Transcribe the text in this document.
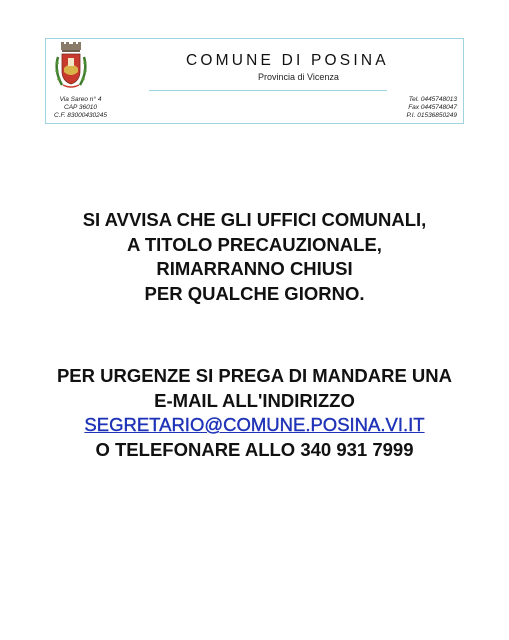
COMUNE DI POSINA
Provincia di Vicenza
Via Sareo n° 4
CAP 36010
C.F. 83000430245
Tel. 0445748013
Fax 0445748047
P.I. 01536850249
SI AVVISA CHE GLI UFFICI COMUNALI,
A TITOLO PRECAUZIONALE,
RIMARRANNO CHIUSI
PER QUALCHE GIORNO.
PER URGENZE SI PREGA DI MANDARE UNA
E-MAIL ALL'INDIRIZZO
SEGRETARIO@COMUNE.POSINA.VI.IT
O TELEFONARE ALLO 340 931 7999
